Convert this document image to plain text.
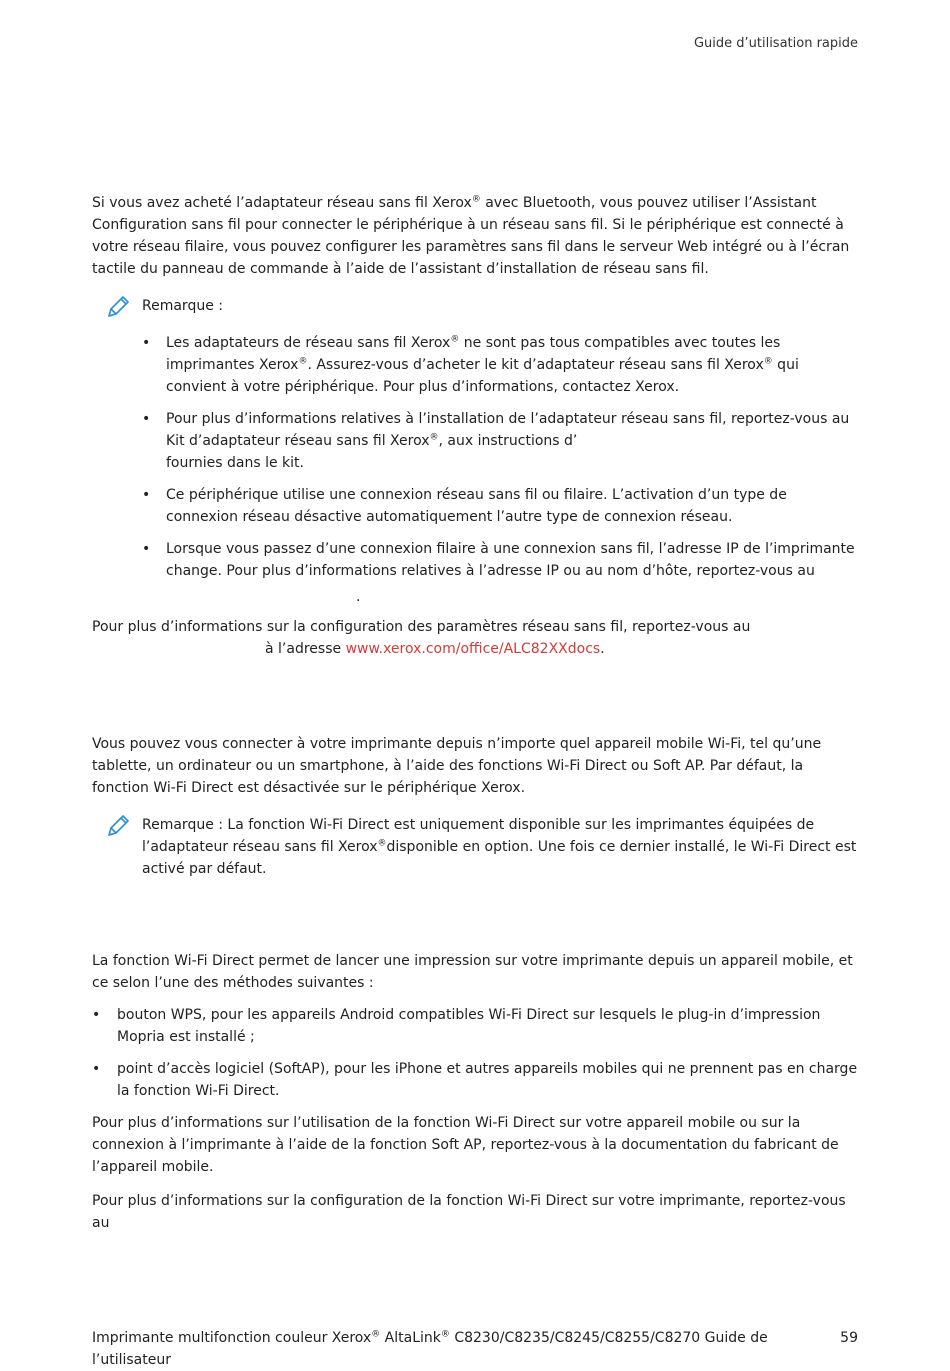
Guide d’utilisation rapide
Si vous avez acheté l’adaptateur réseau sans fil Xerox® avec Bluetooth, vous pouvez utiliser l’Assistant Configuration sans fil pour connecter le périphérique à un réseau sans fil. Si le périphérique est connecté à votre réseau filaire, vous pouvez configurer les paramètres sans fil dans le serveur Web intégré ou à l’écran tactile du panneau de commande à l’aide de l’assistant d’installation de réseau sans fil.
Remarque :
• Les adaptateurs de réseau sans fil Xerox® ne sont pas tous compatibles avec toutes les imprimantes Xerox®. Assurez-vous d’acheter le kit d’adaptateur réseau sans fil Xerox® qui convient à votre périphérique. Pour plus d’informations, contactez Xerox.
• Pour plus d’informations relatives à l’installation de l’adaptateur réseau sans fil, reportez-vous au Kit d’adaptateur réseau sans fil Xerox®, aux instructions d’
fournies dans le kit.
• Ce périphérique utilise une connexion réseau sans fil ou filaire. L’activation d’un type de connexion réseau désactive automatiquement l’autre type de connexion réseau.
• Lorsque vous passez d’une connexion filaire à une connexion sans fil, l’adresse IP de l’imprimante change. Pour plus d’informations relatives à l’adresse IP ou au nom d’hôte, reportez-vous au
.
Pour plus d’informations sur la configuration des paramètres réseau sans fil, reportez-vous au
à l’adresse www.xerox.com/office/ALC82XXdocs.
Vous pouvez vous connecter à votre imprimante depuis n’importe quel appareil mobile Wi-Fi, tel qu’une tablette, un ordinateur ou un smartphone, à l’aide des fonctions Wi-Fi Direct ou Soft AP. Par défaut, la fonction Wi-Fi Direct est désactivée sur le périphérique Xerox.
Remarque : La fonction Wi-Fi Direct est uniquement disponible sur les imprimantes équipées de l’adaptateur réseau sans fil Xerox®disponible en option. Une fois ce dernier installé, le Wi-Fi Direct est activé par défaut.
La fonction Wi-Fi Direct permet de lancer une impression sur votre imprimante depuis un appareil mobile, et ce selon l’une des méthodes suivantes :
• bouton WPS, pour les appareils Android compatibles Wi-Fi Direct sur lesquels le plug-in d’impression Mopria est installé ;
• point d’accès logiciel (SoftAP), pour les iPhone et autres appareils mobiles qui ne prennent pas en charge la fonction Wi-Fi Direct.
Pour plus d’informations sur l’utilisation de la fonction Wi-Fi Direct sur votre appareil mobile ou sur la connexion à l’imprimante à l’aide de la fonction Soft AP, reportez-vous à la documentation du fabricant de l’appareil mobile.
Pour plus d’informations sur la configuration de la fonction Wi-Fi Direct sur votre imprimante, reportez-vous au
Imprimante multifonction couleur Xerox® AltaLink® C8230/C8235/C8245/C8255/C8270 Guide de l’utilisateur
59
